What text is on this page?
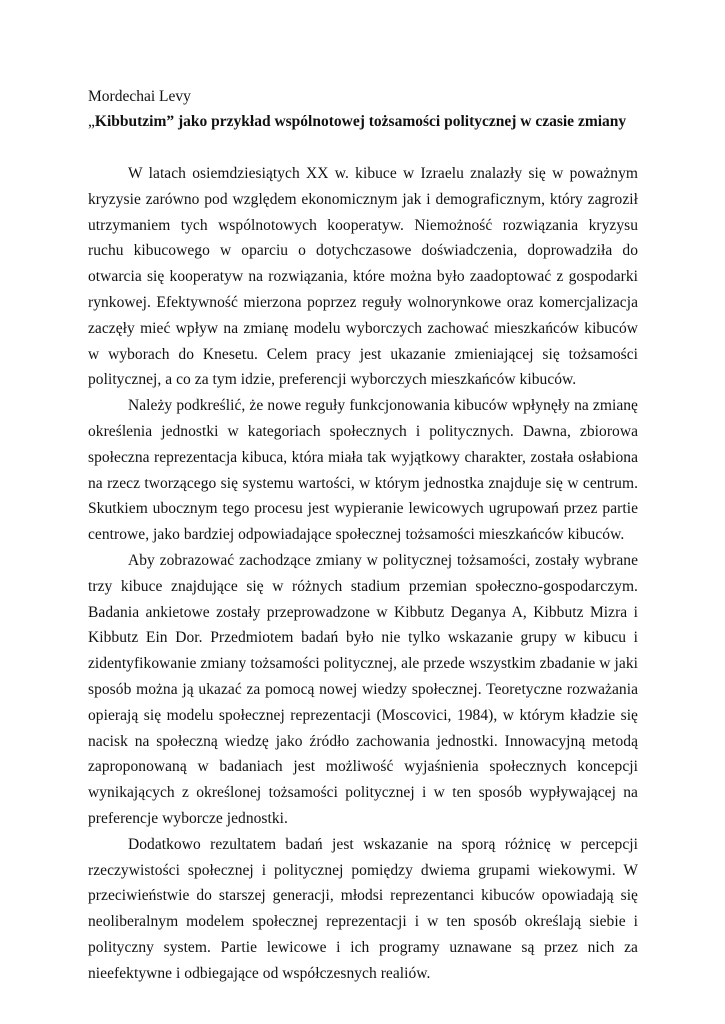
Mordechai Levy

„Kibbutzim” jako przykład wspólnotowej tożsamości politycznej w czasie zmiany

W latach osiemdziesiątych XX w. kibuce w Izraelu znalazły się w poważnym kryzysie zarówno pod względem ekonomicznym jak i demograficznym, który zagroził utrzymaniem tych wspólnotowych kooperatyw. Niemożność rozwiązania kryzysu ruchu kibucowego w oparciu o dotychczasowe doświadczenia, doprowadziła do otwarcia się kooperatyw na rozwiązania, które można było zaadoptować z gospodarki rynkowej. Efektywność mierzona poprzez reguły wolnorynkowe oraz komercjalizacja zaczęły mieć wpływ na zmianę modelu wyborczych zachować mieszkańców kibuców w wyborach do Knesetu. Celem pracy jest ukazanie zmieniającej się tożsamości politycznej, a co za tym idzie, preferencji wyborczych mieszkańców kibuców.

Należy podkreślić, że nowe reguły funkcjonowania kibuców wpłynęły na zmianę określenia jednostki w kategoriach społecznych i politycznych. Dawna, zbiorowa społeczna reprezentacja kibuca, która miała tak wyjątkowy charakter, została osłabiona na rzecz tworzącego się systemu wartości, w którym jednostka znajduje się w centrum. Skutkiem ubocznym tego procesu jest wypieranie lewicowych ugrupowań przez partie centrowe, jako bardziej odpowiadające społecznej tożsamości mieszkańców kibuców.

Aby zobrazować zachodzące zmiany w politycznej tożsamości, zostały wybrane trzy kibuce znajdujące się w różnych stadium przemian społeczno-gospodarczym. Badania ankietowe zostały przeprowadzone w Kibbutz Deganya A, Kibbutz Mizra i Kibbutz Ein Dor. Przedmiotem badań było nie tylko wskazanie grupy w kibucu i zidentyfikowanie zmiany tożsamości politycznej, ale przede wszystkim zbadanie w jaki sposób można ją ukazać za pomocą nowej wiedzy społecznej. Teoretyczne rozważania opierają się modelu społecznej reprezentacji (Moscovici, 1984), w którym kładzie się nacisk na społeczną wiedzę jako źródło zachowania jednostki. Innowacyjną metodą zaproponowaną w badaniach jest możliwość wyjaśnienia społecznych koncepcji wynikających z określonej tożsamości politycznej i w ten sposób wypływającej na preferencje wyborcze jednostki.

Dodatkowo rezultatem badań jest wskazanie na sporą różnicę w percepcji rzeczywistości społecznej i politycznej pomiędzy dwiema grupami wiekowymi. W przeciwieństwie do starszej generacji, młodsi reprezentanci kibuców opowiadają się neoliberalnym modelem społecznej reprezentacji i w ten sposób określają siebie i polityczny system. Partie lewicowe i ich programy uznawane są przez nich za nieefektywne i odbiegające od współczesnych realiów.
